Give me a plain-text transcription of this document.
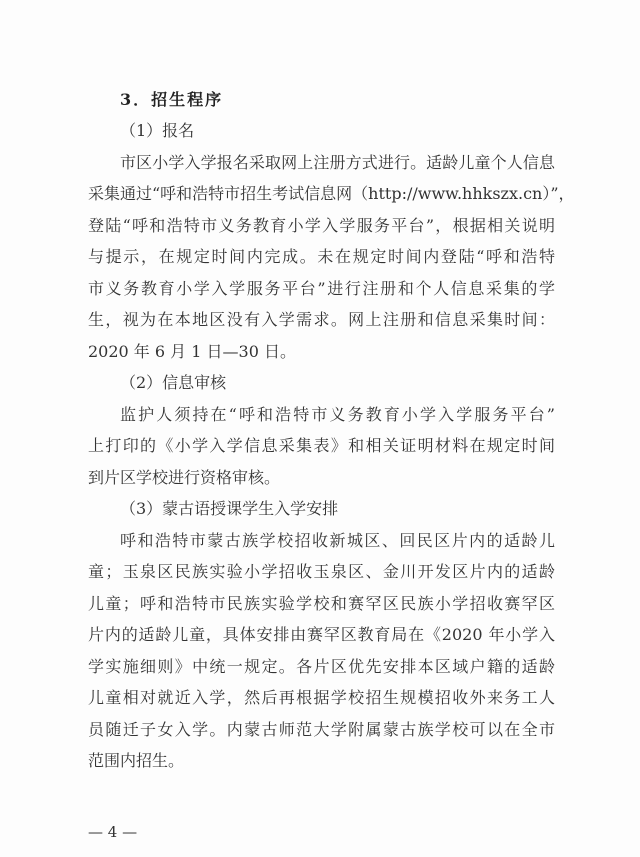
3．招生程序
— 4 —
（1）报名
市区小学入学报名采取网上注册方式进行。适龄儿童个人信息
采集通过“呼和浩特市招生考试信息网（http://www.hhkszx.cn）”，
登陆“呼和浩特市义务教育小学入学服务平台”，根据相关说明
与提示，在规定时间内完成。未在规定时间内登陆“呼和浩特
市义务教育小学入学服务平台”进行注册和个人信息采集的学
生，视为在本地区没有入学需求。网上注册和信息采集时间：
2020 年 6 月 1 日—30 日。
（2）信息审核
监护人须持在“呼和浩特市义务教育小学入学服务平台”
上打印的《小学入学信息采集表》和相关证明材料在规定时间
到片区学校进行资格审核。
（3）蒙古语授课学生入学安排
呼和浩特市蒙古族学校招收新城区、回民区片内的适龄儿
童；玉泉区民族实验小学招收玉泉区、金川开发区片内的适龄
儿童；呼和浩特市民族实验学校和赛罕区民族小学招收赛罕区
片内的适龄儿童，具体安排由赛罕区教育局在《2020 年小学入
学实施细则》中统一规定。各片区优先安排本区域户籍的适龄
儿童相对就近入学，然后再根据学校招生规模招收外来务工人
员随迁子女入学。内蒙古师范大学附属蒙古族学校可以在全市
范围内招生。
